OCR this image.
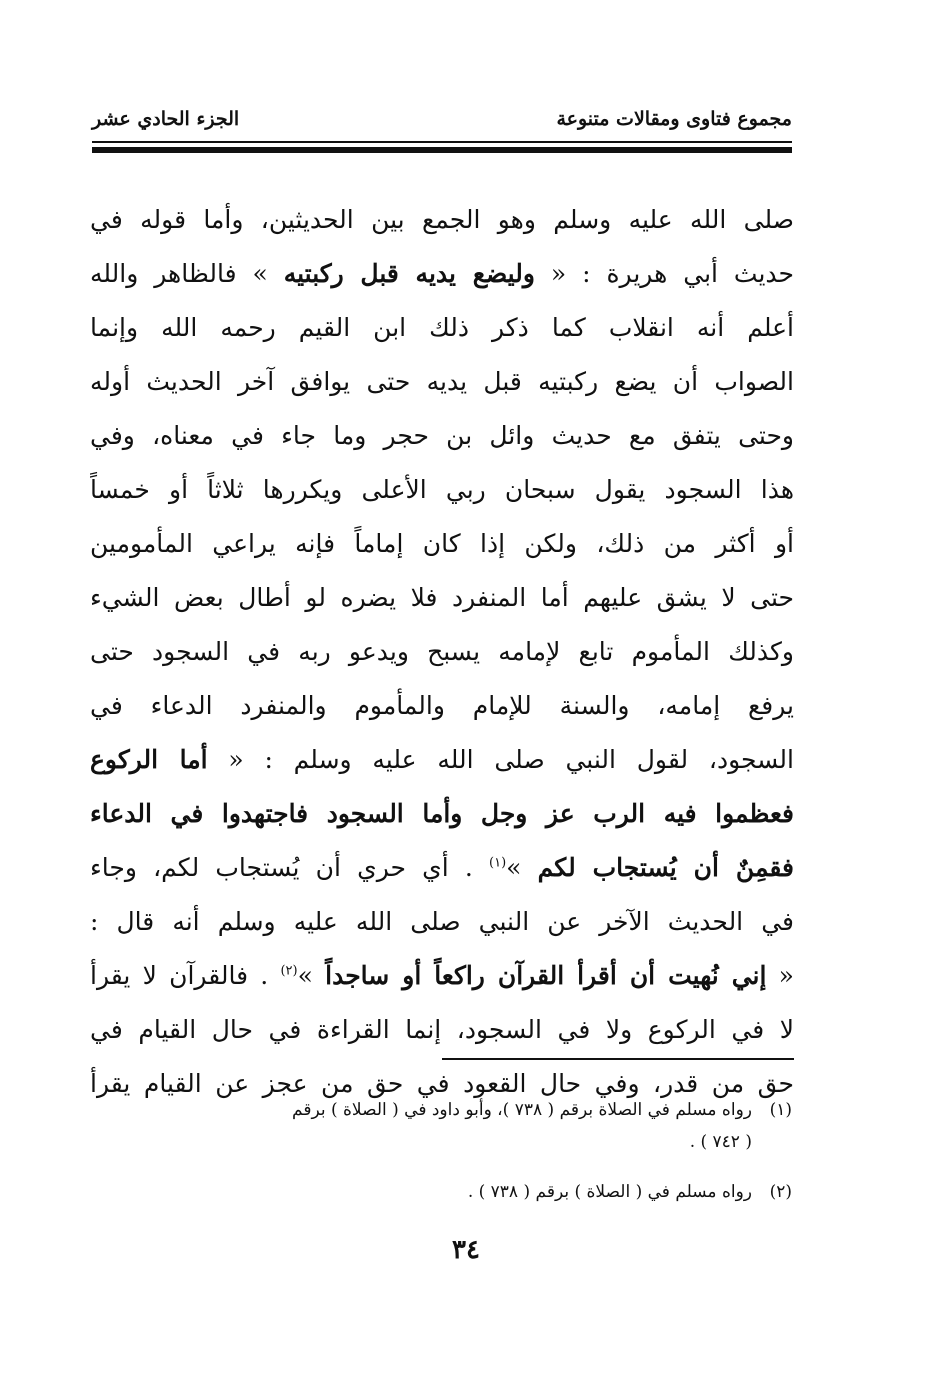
مجموع فتاوى ومقالات متنوعة
الجزء الحادي عشر
صلى الله عليه وسلم وهو الجمع بين الحديثين، وأما قوله في
حديث أبي هريرة : « وليضع يديه قبل ركبتيه » فالظاهر والله
أعلم أنه انقلاب كما ذكر ذلك ابن القيم رحمه الله وإنما
الصواب أن يضع ركبتيه قبل يديه حتى يوافق آخر الحديث أوله
وحتى يتفق مع حديث وائل بن حجر وما جاء في معناه، وفي
هذا السجود يقول سبحان ربي الأعلى ويكررها ثلاثاً أو خمساً
أو أكثر من ذلك، ولكن إذا كان إماماً فإنه يراعي المأمومين
حتى لا يشق عليهم أما المنفرد فلا يضره لو أطال بعض الشيء
وكذلك المأموم تابع لإمامه يسبح ويدعو ربه في السجود حتى
يرفع إمامه، والسنة للإمام والمأموم والمنفرد الدعاء في
السجود، لقول النبي صلى الله عليه وسلم : « أما الركوع
فعظموا فيه الرب عز وجل وأما السجود فاجتهدوا في الدعاء
فقمِنٌ أن يُستجاب لكم »$^{(١)}$ . أي حري أن يُستجاب لكم، وجاء
في الحديث الآخر عن النبي صلى الله عليه وسلم أنه قال :
« إني نُهيت أن أقرأ القرآن راكعاً أو ساجداً »$^{(٢)}$ . فالقرآن لا يقرأ
لا في الركوع ولا في السجود، إنما القراءة في حال القيام في
حق من قدر، وفي حال القعود في حق من عجز عن القيام يقرأ
(١)
رواه مسلم في الصلاة برقم ( ٧٣٨ )، وأبو داود في ( الصلاة ) برقم
( ٧٤٢ ) .
(٢)
رواه مسلم في ( الصلاة ) برقم ( ٧٣٨ ) .
٣٤
